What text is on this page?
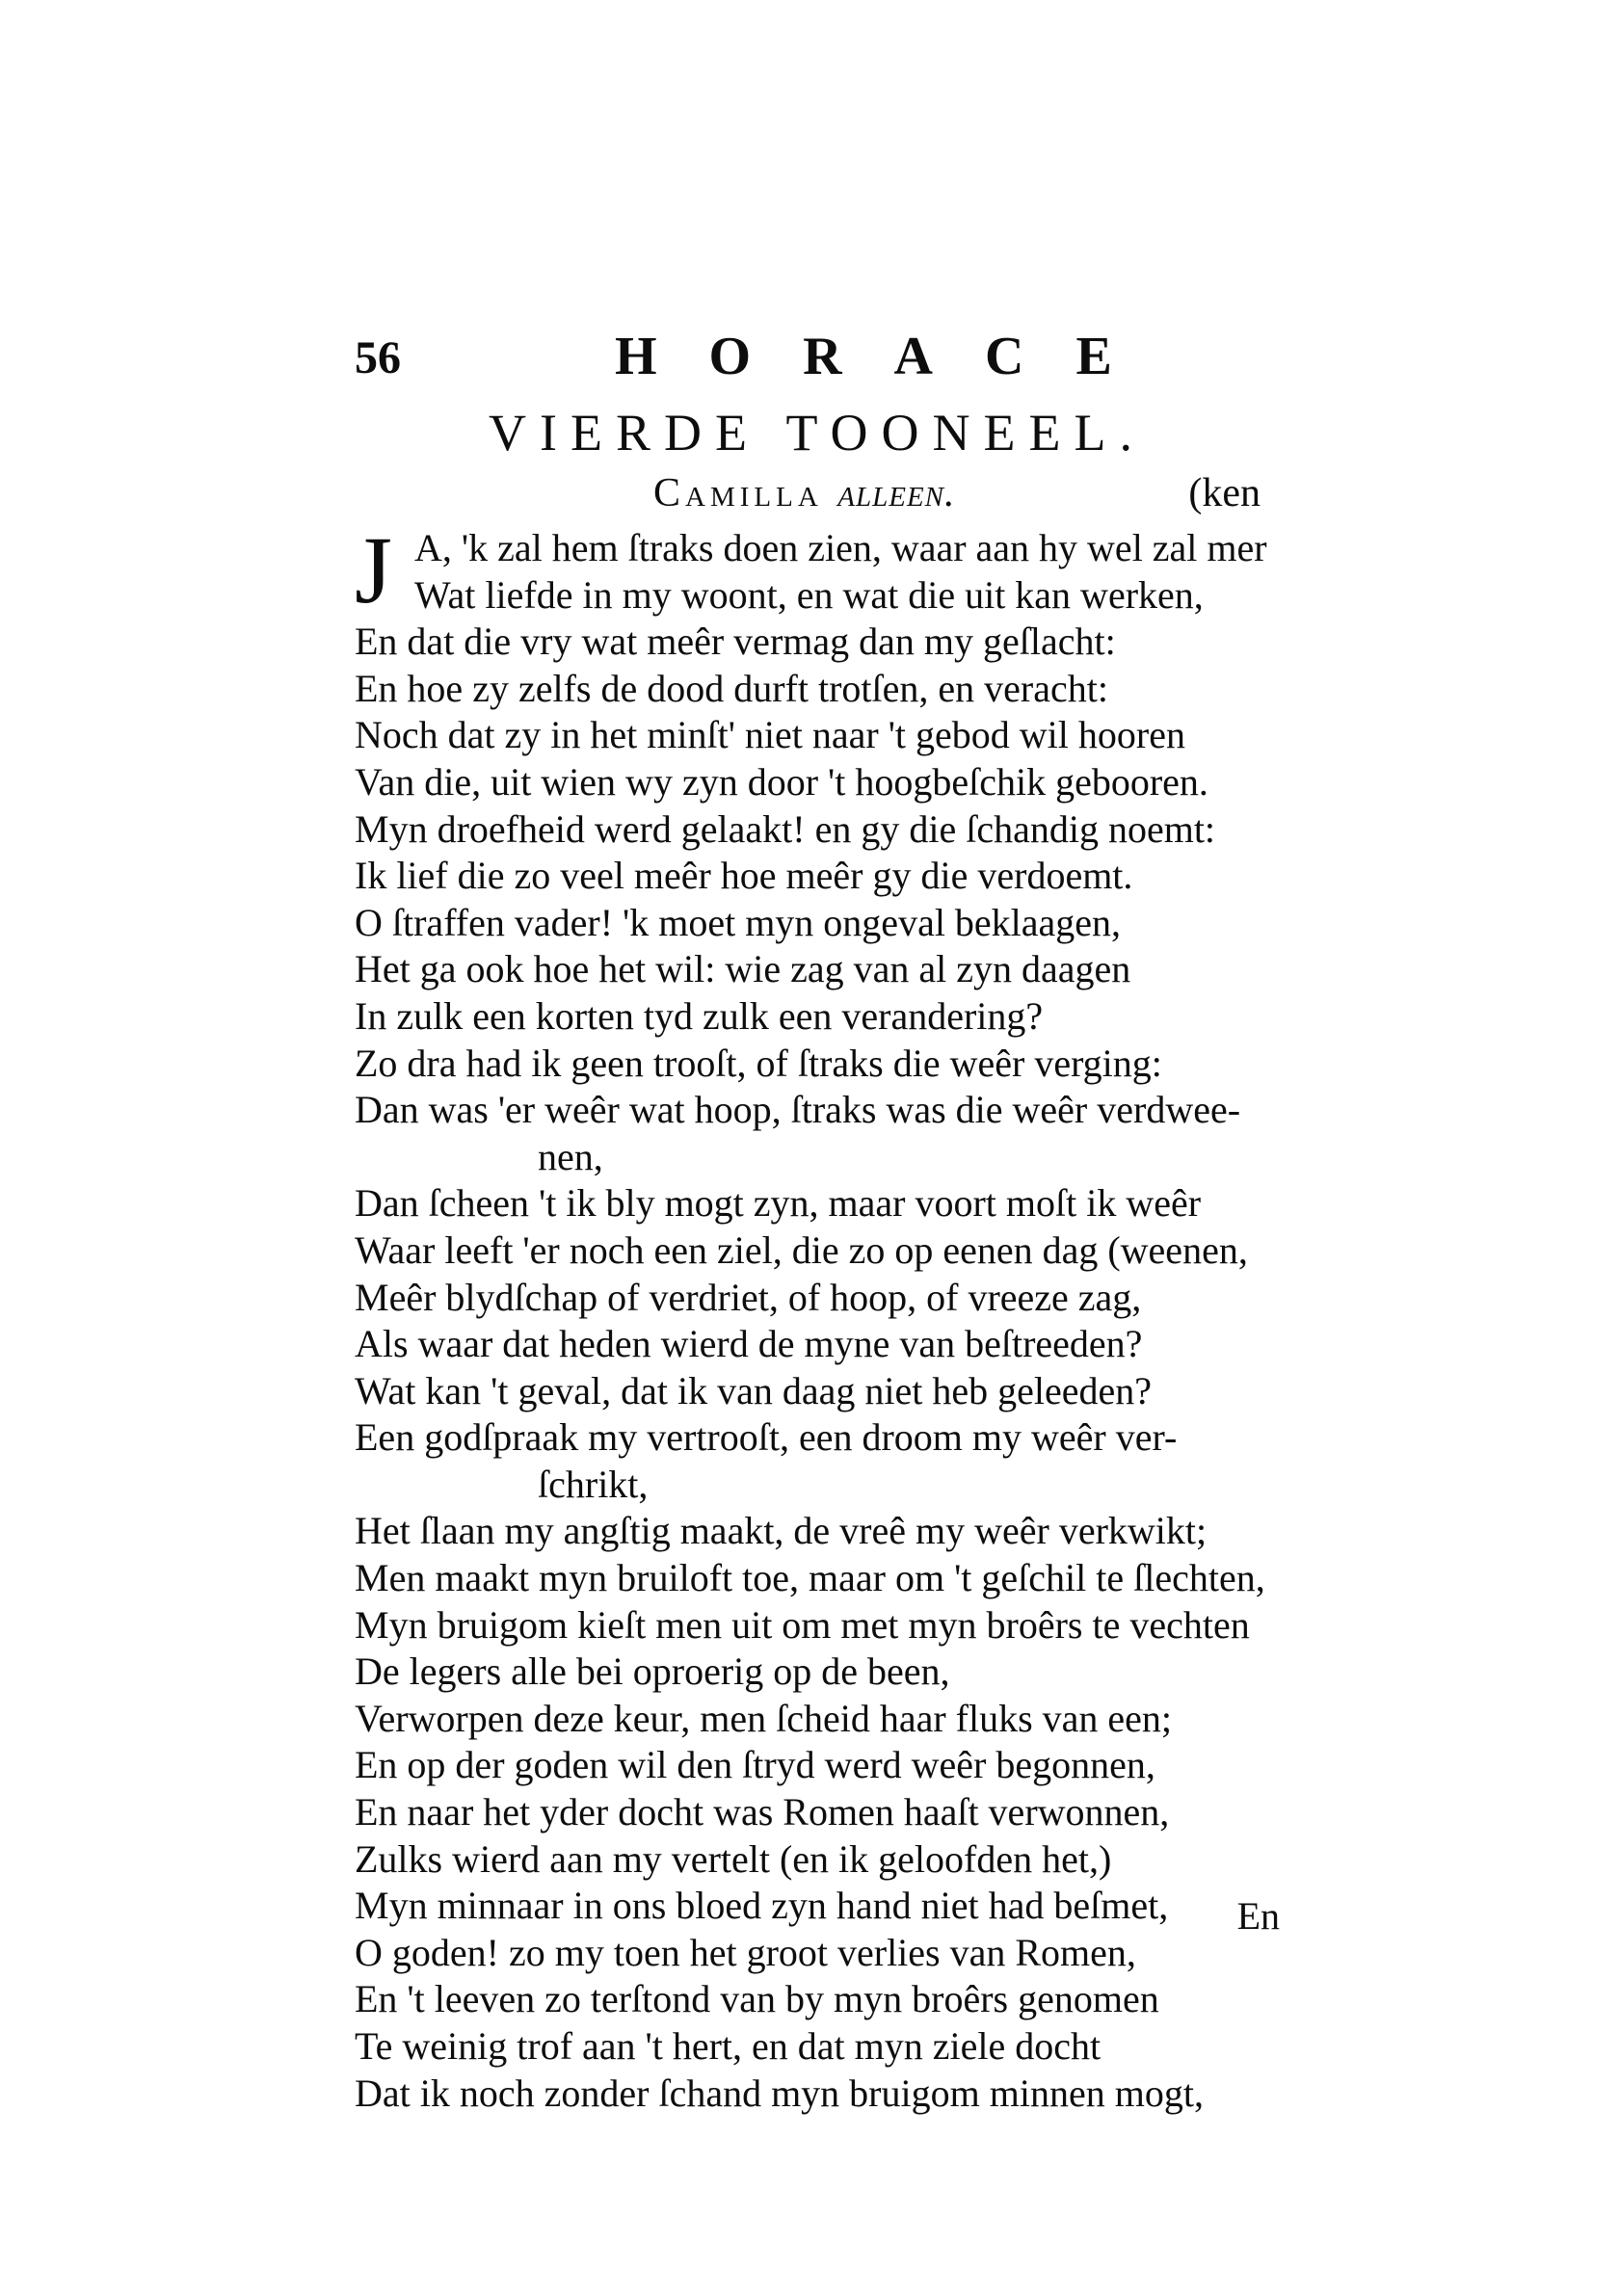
56	HORACE
VIERDE TOONEEL.
Camilla alleen.	(ken
J A, 'k zal hem ſtraks doen zien, waar aan hy wel zal mer
Wat liefde in my woont, en wat die uit kan werken,
En dat die vry wat meêr vermag dan my geſlacht:
En hoe zy zelfs de dood durft trotſen, en veracht:
Noch dat zy in het minſt' niet naar 't gebod wil hooren
Van die, uit wien wy zyn door 't hoogbeſchik gebooren.
Myn droefheid werd gelaakt! en gy die ſchandig noemt:
Ik lief die zo veel meêr hoe meêr gy die verdoemt.
O ſtraffen vader! 'k moet myn ongeval beklaagen,
Het ga ook hoe het wil: wie zag van al zyn daagen
In zulk een korten tyd zulk een verandering?
Zo dra had ik geen trooſt, of ſtraks die weêr verging:
Dan was 'er weêr wat hoop, ſtraks was die weêr verdwee-
nen,
Dan ſcheen 't ik bly mogt zyn, maar voort moſt ik weêr
Waar leeft 'er noch een ziel, die zo op eenen dag (weenen,
Meêr blydſchap of verdriet, of hoop, of vreeze zag,
Als waar dat heden wierd de myne van beſtreeden?
Wat kan 't geval, dat ik van daag niet heb geleeden?
Een godſpraak my vertrooſt, een droom my weêr ver-
ſchrikt,
Het ſlaan my angſtig maakt, de vreê my weêr verkwikt;
Men maakt myn bruiloft toe, maar om 't geſchil te ſlechten,
Myn bruigom kieſt men uit om met myn broêrs te vechten
De legers alle bei oproerig op de been,
Verworpen deze keur, men ſcheid haar fluks van een;
En op der goden wil den ſtryd werd weêr begonnen,
En naar het yder docht was Romen haaſt verwonnen,
Zulks wierd aan my vertelt (en ik geloofden het,)
Myn minnaar in ons bloed zyn hand niet had beſmet,
O goden! zo my toen het groot verlies van Romen,
En 't leeven zo terſtond van by myn broêrs genomen
Te weinig trof aan 't hert, en dat myn ziele docht
Dat ik noch zonder ſchand myn bruigom minnen mogt,
En
